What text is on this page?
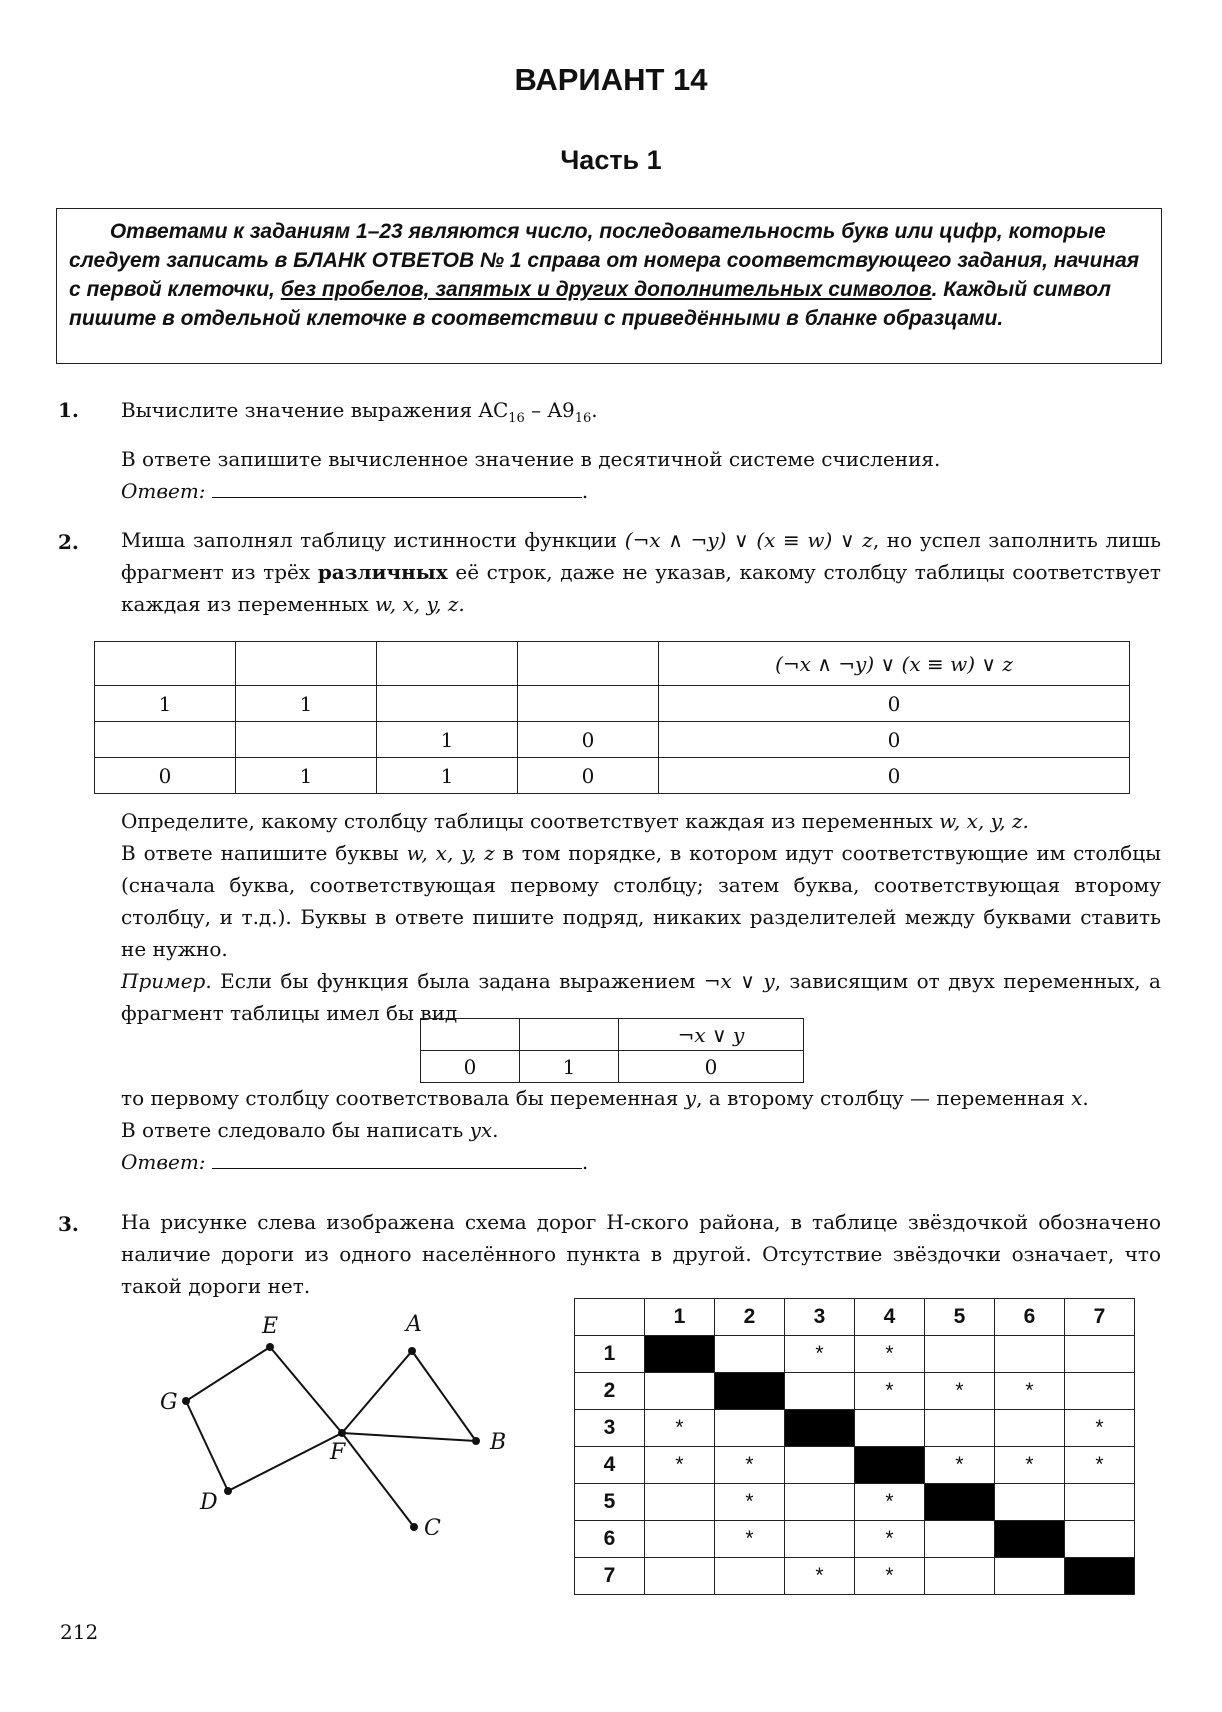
ВАРИАНТ 14
Часть 1

Ответами к заданиям 1–23 являются число, последовательность букв или цифр, которые следует записать в БЛАНК ОТВЕТОВ № 1 справа от номера соответствующего задания, начиная с первой клеточки, без пробелов, запятых и других дополнительных символов. Каждый символ пишите в отдельной клеточке в соответствии с приведёнными в бланке образцами.

1. Вычислите значение выражения $AC_{16} - A9_{16}$.

В ответе запишите вычисленное значение в десятичной системе счисления.

Ответ:	.

2. Миша заполнял таблицу истинности функции (¬x ∧ ¬y) ∨ (x ≡ w) ∨ z, но успел заполнить лишь фрагмент из трёх различных её строк, даже не указав, какому столбцу таблицы соответствует каждая из переменных w, x, y, z.

				(¬x ∧ ¬y) ∨ (x ≡ w) ∨ z
1	1			0
		1	0	0
0	1	1	0	0

Определите, какому столбцу таблицы соответствует каждая из переменных w, x, y, z.

В ответе напишите буквы w, x, y, z в том порядке, в котором идут соответствующие им столбцы (сначала буква, соответствующая первому столбцу; затем буква, соответствующая второму столбцу, и т.д.). Буквы в ответе пишите подряд, никаких разделителей между буквами ставить не нужно.

Пример. Если бы функция была задана выражением ¬x ∨ y, зависящим от двух переменных, а фрагмент таблицы имел бы вид

		¬x ∨ y
0	1	0

то первому столбцу соответствовала бы переменная y, а второму столбцу — переменная x.

В ответе следовало бы написать yx.

Ответ:	.

3. На рисунке слева изображена схема дорог Н-ского района, в таблице звёздочкой обозначено наличие дороги из одного населённого пункта в другой. Отсутствие звёздочки означает, что такой дороги нет.
E	A
G
F	B
D
C
	1	2	3	4	5	6	7
1			*	*			
2				*	*	*	
3	*						*
4	*	*			*	*	*
5		*		*			
6		*		*			
7			*	*			
212
